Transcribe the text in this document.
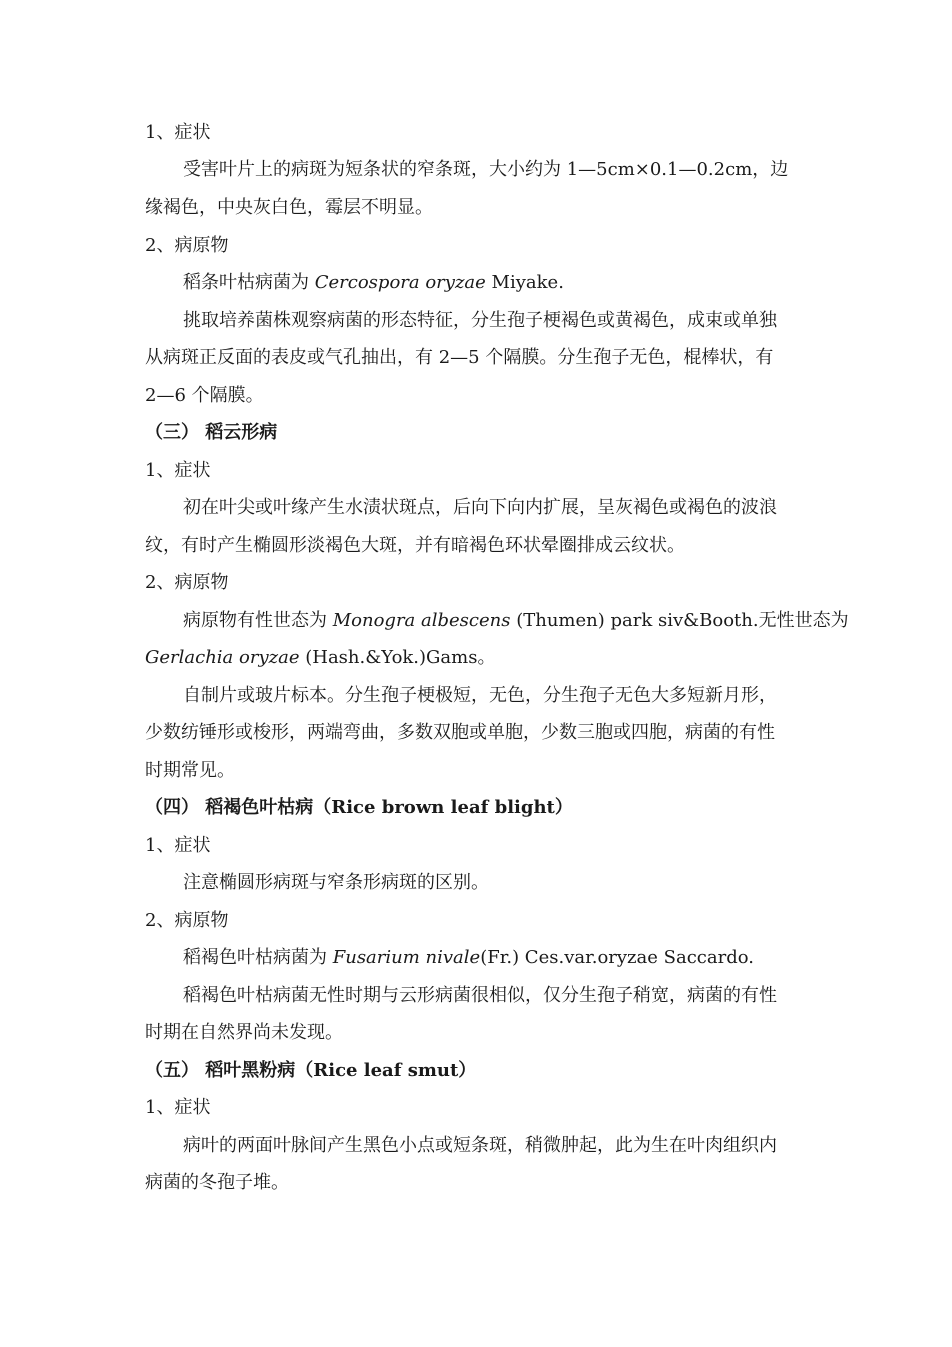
1、症状
受害叶片上的病斑为短条状的窄条斑，大小约为 1—5cm×0.1—0.2cm，边
缘褐色，中央灰白色，霉层不明显。
2、病原物
稻条叶枯病菌为 Cercospora oryzae Miyake.
挑取培养菌株观察病菌的形态特征，分生孢子梗褐色或黄褐色，成束或单独
从病斑正反面的表皮或气孔抽出，有 2—5 个隔膜。分生孢子无色，棍棒状，有
2—6 个隔膜。
（三） 稻云形病
1、症状
初在叶尖或叶缘产生水渍状斑点，后向下向内扩展，呈灰褐色或褐色的波浪
纹，有时产生椭圆形淡褐色大斑，并有暗褐色环状晕圈排成云纹状。
2、病原物
病原物有性世态为 Monogra albescens (Thumen) park siv&Booth.无性世态为
Gerlachia oryzae (Hash.&Yok.)Gams。
自制片或玻片标本。分生孢子梗极短，无色，分生孢子无色大多短新月形，
少数纺锤形或梭形，两端弯曲，多数双胞或单胞，少数三胞或四胞，病菌的有性
时期常见。
（四） 稻褐色叶枯病（Rice brown leaf blight）
1、症状
注意椭圆形病斑与窄条形病斑的区别。
2、病原物
稻褐色叶枯病菌为 Fusarium nivale(Fr.) Ces.var.oryzae Saccardo.
稻褐色叶枯病菌无性时期与云形病菌很相似，仅分生孢子稍宽，病菌的有性
时期在自然界尚未发现。
（五） 稻叶黑粉病（Rice leaf smut）
1、症状
病叶的两面叶脉间产生黑色小点或短条斑，稍微肿起，此为生在叶肉组织内
病菌的冬孢子堆。
